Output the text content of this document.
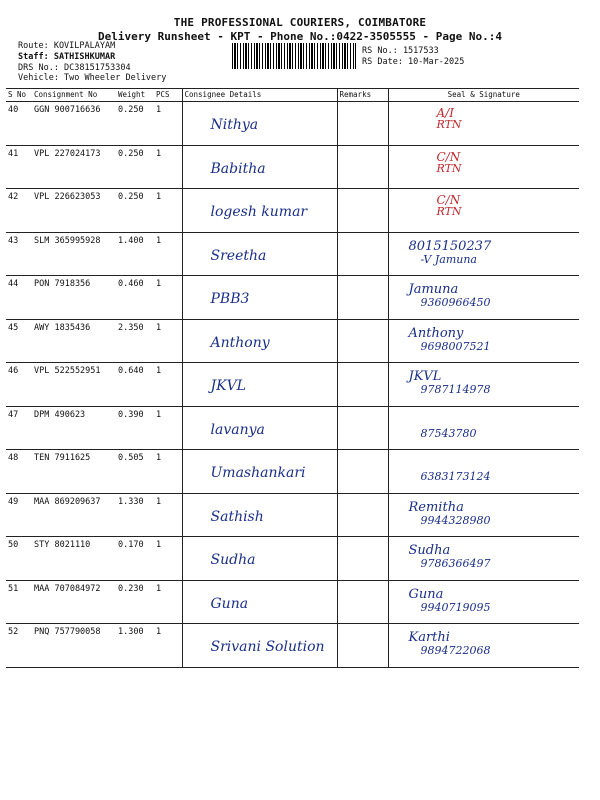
THE PROFESSIONAL COURIERS, COIMBATORE
Delivery Runsheet - KPT - Phone No.:0422-3505555 - Page No.:4
Route: KOVILPALAYAM
Staff: SATHISHKUMAR
DRS No.: DC38151753304
Vehicle: Two Wheeler Delivery
RS No.: 1517533
RS Date: 10-Mar-2025
S No	Consignment No	Weight	PCS	Consignee Details	Remarks	Seal & Signature
40	GGN 900716636	0.250	1	Nithya		A/I
RTN

41	VPL 227024173	0.250	1	Babitha		C/N
RTN

42	VPL 226623053	0.250	1	logesh kumar		C/N
RTN

43	SLM 365995928	1.400	1	Sreetha		8015150237
-V Jamuna

44	PON 7918356	0.460	1	PBB3		Jamuna
9360966450

45	AWY 1835436	2.350	1	Anthony		Anthony
9698007521

46	VPL 522552951	0.640	1	JKVL		JKVL
9787114978

47	DPM 490623	0.390	1	lavanya		87543780

48	TEN 7911625	0.505	1	Umashankari		6383173124

49	MAA 869209637	1.330	1	Sathish		Remitha
9944328980

50	STY 8021110	0.170	1	Sudha		Sudha
9786366497

51	MAA 707084972	0.230	1	Guna		Guna
9940719095

52	PNQ 757790058	1.300	1	Srivani Solution		Karthi
9894722068
